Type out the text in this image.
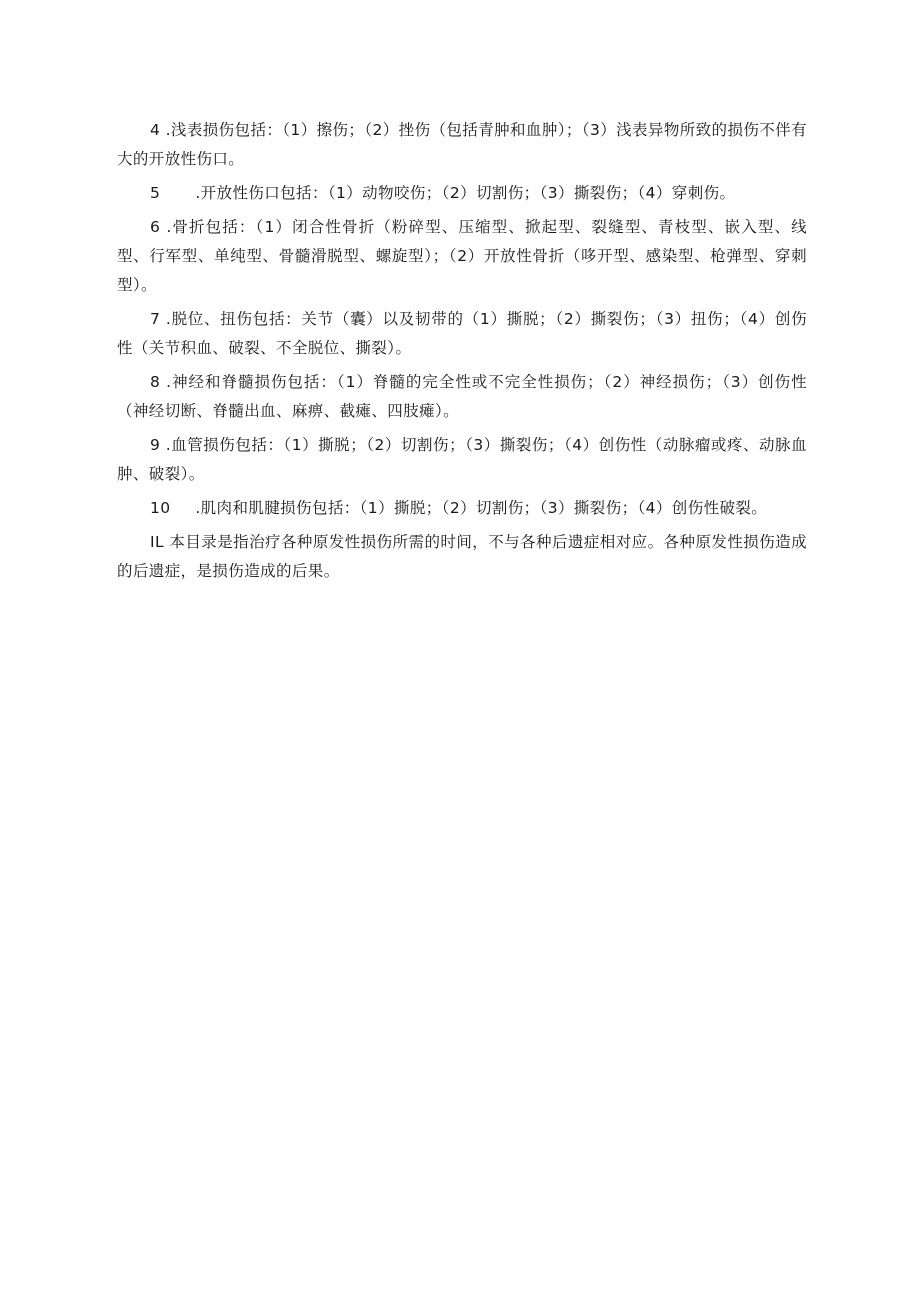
4 .浅表损伤包括：（1）擦伤；（2）挫伤（包括青肿和血肿）；（3）浅表异物所致的损伤不伴有大的开放性伤口。

5 .开放性伤口包括：（1）动物咬伤；（2）切割伤；（3）撕裂伤；（4）穿刺伤。

6 .骨折包括：（1）闭合性骨折（粉碎型、压缩型、掀起型、裂缝型、青枝型、嵌入型、线型、行军型、单纯型、骨髓滑脱型、螺旋型）；（2）开放性骨折（哆开型、感染型、枪弹型、穿刺型）。

7 .脱位、扭伤包括：关节（囊）以及韧带的（1）撕脱；（2）撕裂伤；（3）扭伤；（4）创伤性（关节积血、破裂、不全脱位、撕裂）。

8 .神经和脊髓损伤包括：（1）脊髓的完全性或不完全性损伤；（2）神经损伤；（3）创伤性（神经切断、脊髓出血、麻痹、截瘫、四肢瘫）。

9 .血管损伤包括：（1）撕脱；（2）切割伤；（3）撕裂伤；（4）创伤性（动脉瘤或疼、动脉血肿、破裂）。

10 .肌肉和肌腱损伤包括：（1）撕脱；（2）切割伤；（3）撕裂伤；（4）创伤性破裂。

IL 本目录是指治疗各种原发性损伤所需的时间，不与各种后遗症相对应。各种原发性损伤造成的后遗症，是损伤造成的后果。
